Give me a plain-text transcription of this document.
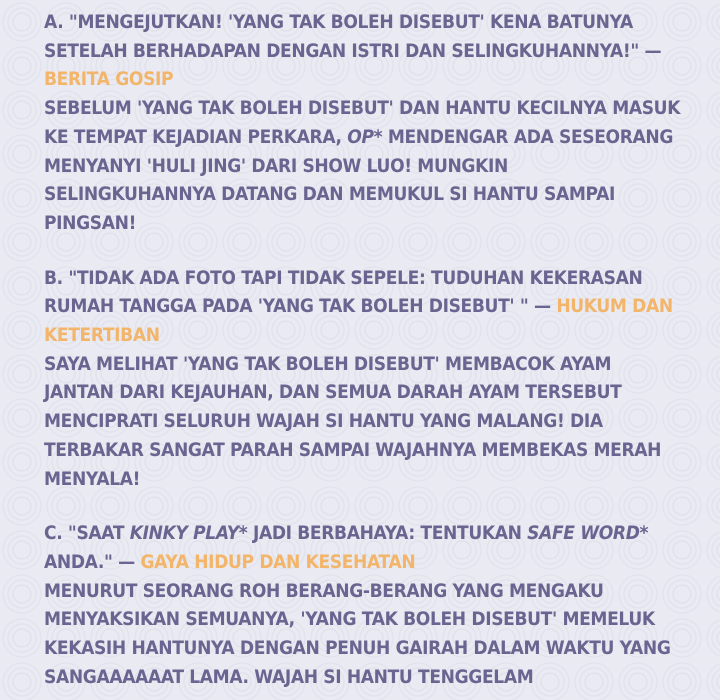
A. "MENGEJUTKAN! 'YANG TAK BOLEH DISEBUT' KENA BATUNYA SETELAH BERHADAPAN DENGAN ISTRI DAN SELINGKUHANNYA!" — BERITA GOSIP

SEBELUM 'YANG TAK BOLEH DISEBUT' DAN HANTU KECILNYA MASUK KE TEMPAT KEJADIAN PERKARA, OP* MENDENGAR ADA SESEORANG MENYANYI 'HULI JING' DARI SHOW LUO! MUNGKIN SELINGKUHANNYA DATANG DAN MEMUKUL SI HANTU SAMPAI PINGSAN!

B. "TIDAK ADA FOTO TAPI TIDAK SEPELE: TUDUHAN KEKERASAN RUMAH TANGGA PADA 'YANG TAK BOLEH DISEBUT' " — HUKUM DAN KETERTIBAN

SAYA MELIHAT 'YANG TAK BOLEH DISEBUT' MEMBACOK AYAM JANTAN DARI KEJAUHAN, DAN SEMUA DARAH AYAM TERSEBUT MENCIPRATI SELURUH WAJAH SI HANTU YANG MALANG! DIA TERBAKAR SANGAT PARAH SAMPAI WAJAHNYA MEMBEKAS MERAH MENYALA!

C. "SAAT KINKY PLAY* JADI BERBAHAYA: TENTUKAN SAFE WORD* ANDA." — GAYA HIDUP DAN KESEHATAN

MENURUT SEORANG ROH BERANG-BERANG YANG MENGAKU MENYAKSIKAN SEMUANYA, 'YANG TAK BOLEH DISEBUT' MEMELUK KEKASIH HANTUNYA DENGAN PENUH GAIRAH DALAM WAKTU YANG SANGAAAAAAT LAMA. WAJAH SI HANTU TENGGELAM
